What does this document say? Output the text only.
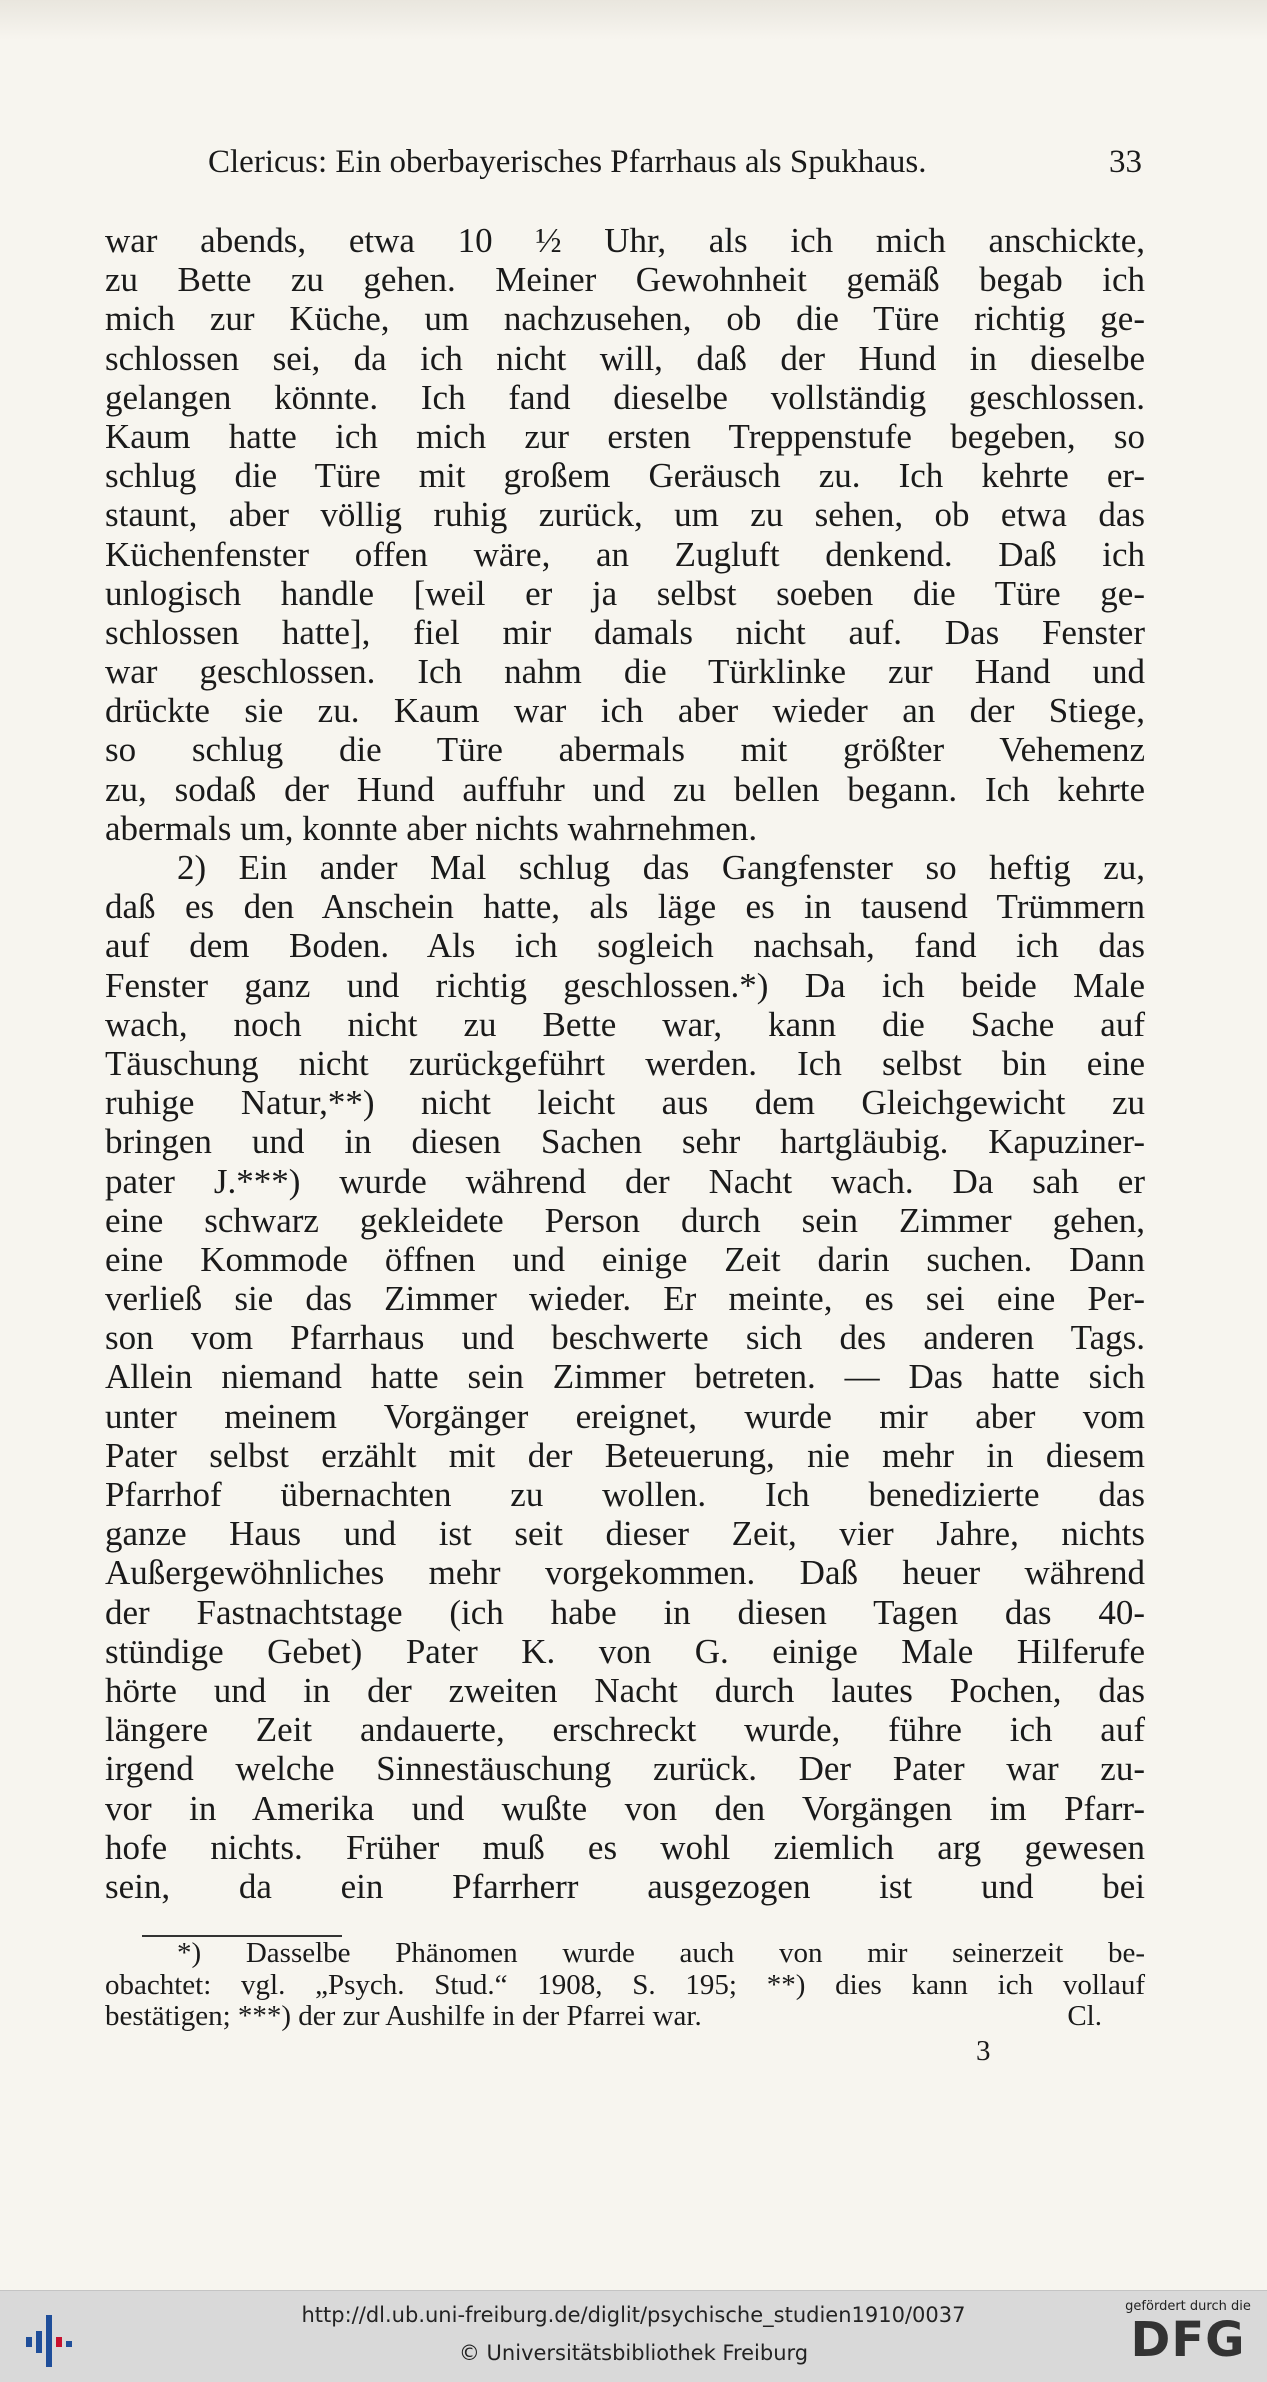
Clericus: Ein oberbayerisches Pfarrhaus als Spukhaus.	33
war abends, etwa 10 ½ Uhr, als ich mich anschickte,
zu Bette zu gehen. Meiner Gewohnheit gemäß begab ich
mich zur Küche, um nachzusehen, ob die Türe richtig ge-
schlossen sei, da ich nicht will, daß der Hund in dieselbe
gelangen könnte. Ich fand dieselbe vollständig geschlossen.
Kaum hatte ich mich zur ersten Treppenstufe begeben, so
schlug die Türe mit großem Geräusch zu. Ich kehrte er-
staunt, aber völlig ruhig zurück, um zu sehen, ob etwa das
Küchenfenster offen wäre, an Zugluft denkend. Daß ich
unlogisch handle [weil er ja selbst soeben die Türe ge-
schlossen hatte], fiel mir damals nicht auf. Das Fenster
war geschlossen. Ich nahm die Türklinke zur Hand und
drückte sie zu. Kaum war ich aber wieder an der Stiege,
so schlug die Türe abermals mit größter Vehemenz
zu, sodaß der Hund auffuhr und zu bellen begann. Ich kehrte
abermals um, konnte aber nichts wahrnehmen.
2) Ein ander Mal schlug das Gangfenster so heftig zu,
daß es den Anschein hatte, als läge es in tausend Trümmern
auf dem Boden. Als ich sogleich nachsah, fand ich das
Fenster ganz und richtig geschlossen.*) Da ich beide Male
wach, noch nicht zu Bette war, kann die Sache auf
Täuschung nicht zurückgeführt werden. Ich selbst bin eine
ruhige Natur,**) nicht leicht aus dem Gleichgewicht zu
bringen und in diesen Sachen sehr hartgläubig. Kapuziner-
pater J.***) wurde während der Nacht wach. Da sah er
eine schwarz gekleidete Person durch sein Zimmer gehen,
eine Kommode öffnen und einige Zeit darin suchen. Dann
verließ sie das Zimmer wieder. Er meinte, es sei eine Per-
son vom Pfarrhaus und beschwerte sich des anderen Tags.
Allein niemand hatte sein Zimmer betreten. — Das hatte sich
unter meinem Vorgänger ereignet, wurde mir aber vom
Pater selbst erzählt mit der Beteuerung, nie mehr in diesem
Pfarrhof übernachten zu wollen. Ich benedizierte das
ganze Haus und ist seit dieser Zeit, vier Jahre, nichts
Außergewöhnliches mehr vorgekommen. Daß heuer während
der Fastnachtstage (ich habe in diesen Tagen das 40-
stündige Gebet) Pater K. von G. einige Male Hilferufe
hörte und in der zweiten Nacht durch lautes Pochen, das
längere Zeit andauerte, erschreckt wurde, führe ich auf
irgend welche Sinnestäuschung zurück. Der Pater war zu-
vor in Amerika und wußte von den Vorgängen im Pfarr-
hofe nichts. Früher muß es wohl ziemlich arg gewesen
sein, da ein Pfarrherr ausgezogen ist und bei
*) Dasselbe Phänomen wurde auch von mir seinerzeit be-
obachtet: vgl. „Psych. Stud.“ 1908, S. 195; **) dies kann ich vollauf
bestätigen; ***) der zur Aushilfe in der Pfarrei war.	Cl.
3
http://dl.ub.uni-freiburg.de/diglit/psychische_studien1910/0037
© Universitätsbibliothek Freiburg
gefördert durch die
DFG
